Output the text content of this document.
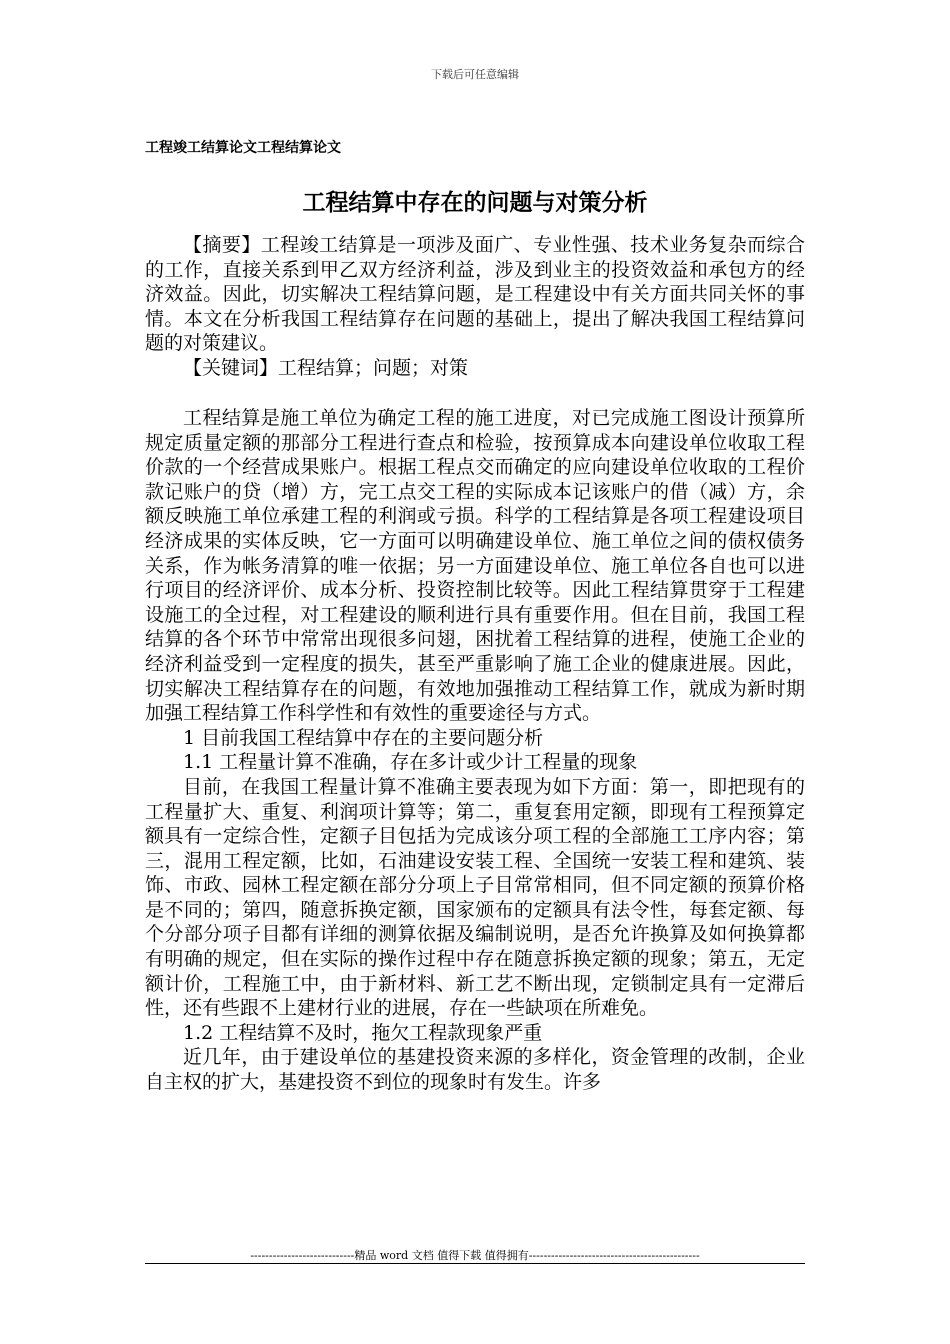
下载后可任意编辑
工程竣工结算论文工程结算论文
工程结算中存在的问题与对策分析

【摘要】工程竣工结算是一项涉及面广、专业性强、技术业务复杂而综合的工作，直接关系到甲乙双方经济利益，涉及到业主的投资效益和承包方的经济效益。因此，切实解决工程结算问题，是工程建设中有关方面共同关怀的事情。本文在分析我国工程结算存在问题的基础上，提出了解决我国工程结算问题的对策建议。

【关键词】工程结算；问题；对策

工程结算是施工单位为确定工程的施工进度，对已完成施工图设计预算所规定质量定额的那部分工程进行查点和检验，按预算成本向建设单位收取工程价款的一个经营成果账户。根据工程点交而确定的应向建设单位收取的工程价款记账户的贷（增）方，完工点交工程的实际成本记该账户的借（减）方，余额反映施工单位承建工程的利润或亏损。科学的工程结算是各项工程建设项目经济成果的实体反映，它一方面可以明确建设单位、施工单位之间的债权债务关系，作为帐务清算的唯一依据；另一方面建设单位、施工单位各自也可以进行项目的经济评价、成本分析、投资控制比较等。因此工程结算贯穿于工程建设施工的全过程，对工程建设的顺利进行具有重要作用。但在目前，我国工程结算的各个环节中常常出现很多问翅，困扰着工程结算的进程，使施工企业的经济利益受到一定程度的损失，甚至严重影响了施工企业的健康进展。因此，切实解决工程结算存在的问题，有效地加强推动工程结算工作，就成为新时期加强工程结算工作科学性和有效性的重要途径与方式。

1 目前我国工程结算中存在的主要问题分析

1.1 工程量计算不准确，存在多计或少计工程量的现象

目前，在我国工程量计算不准确主要表现为如下方面：第一，即把现有的工程量扩大、重复、利润项计算等；第二，重复套用定额，即现有工程预算定额具有一定综合性，定额子目包括为完成该分项工程的全部施工工序内容；第三，混用工程定额，比如，石油建设安装工程、全国统一安装工程和建筑、装饰、市政、园林工程定额在部分分项上子目常常相同，但不同定额的预算价格是不同的；第四，随意拆换定额，国家颁布的定额具有法令性，每套定额、每个分部分项子目都有详细的测算依据及编制说明，是否允许换算及如何换算都有明确的规定，但在实际的操作过程中存在随意拆换定额的现象；第五，无定额计价，工程施工中，由于新材料、新工艺不断出现，定锁制定具有一定滞后性，还有些跟不上建材行业的进展，存在一些缺项在所难免。

1.2 工程结算不及时，拖欠工程款现象严重

近几年，由于建设单位的基建投资来源的多样化，资金管理的改制，企业自主权的扩大，基建投资不到位的现象时有发生。许多

----------------------------精品 word 文档 值得下载 值得拥有----------------------------------------------
